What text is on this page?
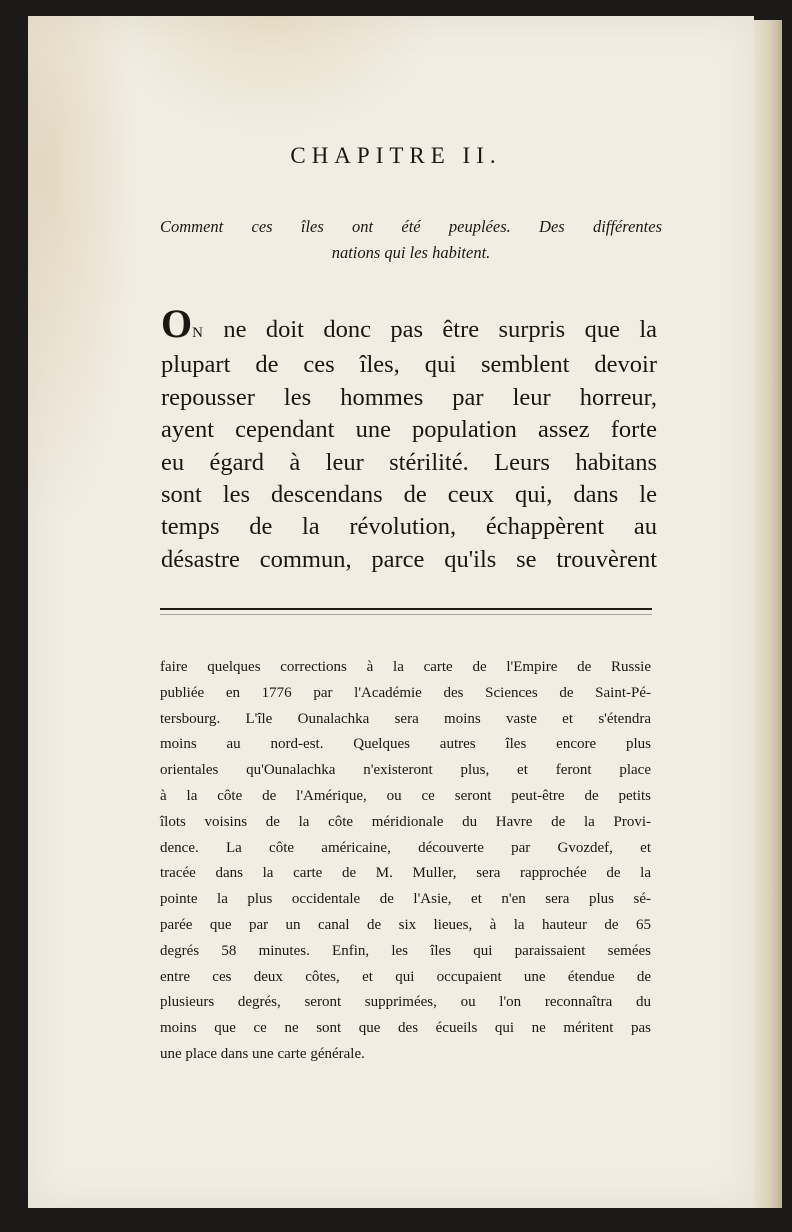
CHAPITRE II.
Comment ces îles ont été peuplées. Des différentes
nations qui les habitent.
ON ne doit donc pas être surpris que la
plupart de ces îles, qui semblent devoir
repousser les hommes par leur horreur,
ayent cependant une population assez forte
eu égard à leur stérilité. Leurs habitans
sont les descendans de ceux qui, dans le
temps de la révolution, échappèrent au
désastre commun, parce qu'ils se trouvèrent
faire quelques corrections à la carte de l'Empire de Russie
publiée en 1776 par l'Académie des Sciences de Saint-Pé-
tersbourg. L'île Ounalachka sera moins vaste et s'étendra
moins au nord-est. Quelques autres îles encore plus
orientales qu'Ounalachka n'existeront plus, et feront place
à la côte de l'Amérique, ou ce seront peut-être de petits
îlots voisins de la côte méridionale du Havre de la Provi-
dence. La côte américaine, découverte par Gvozdef, et
tracée dans la carte de M. Muller, sera rapprochée de la
pointe la plus occidentale de l'Asie, et n'en sera plus sé-
parée que par un canal de six lieues, à la hauteur de 65
degrés 58 minutes. Enfin, les îles qui paraissaient semées
entre ces deux côtes, et qui occupaient une étendue de
plusieurs degrés, seront supprimées, ou l'on reconnaîtra du
moins que ce ne sont que des écueils qui ne méritent pas
une place dans une carte générale.
